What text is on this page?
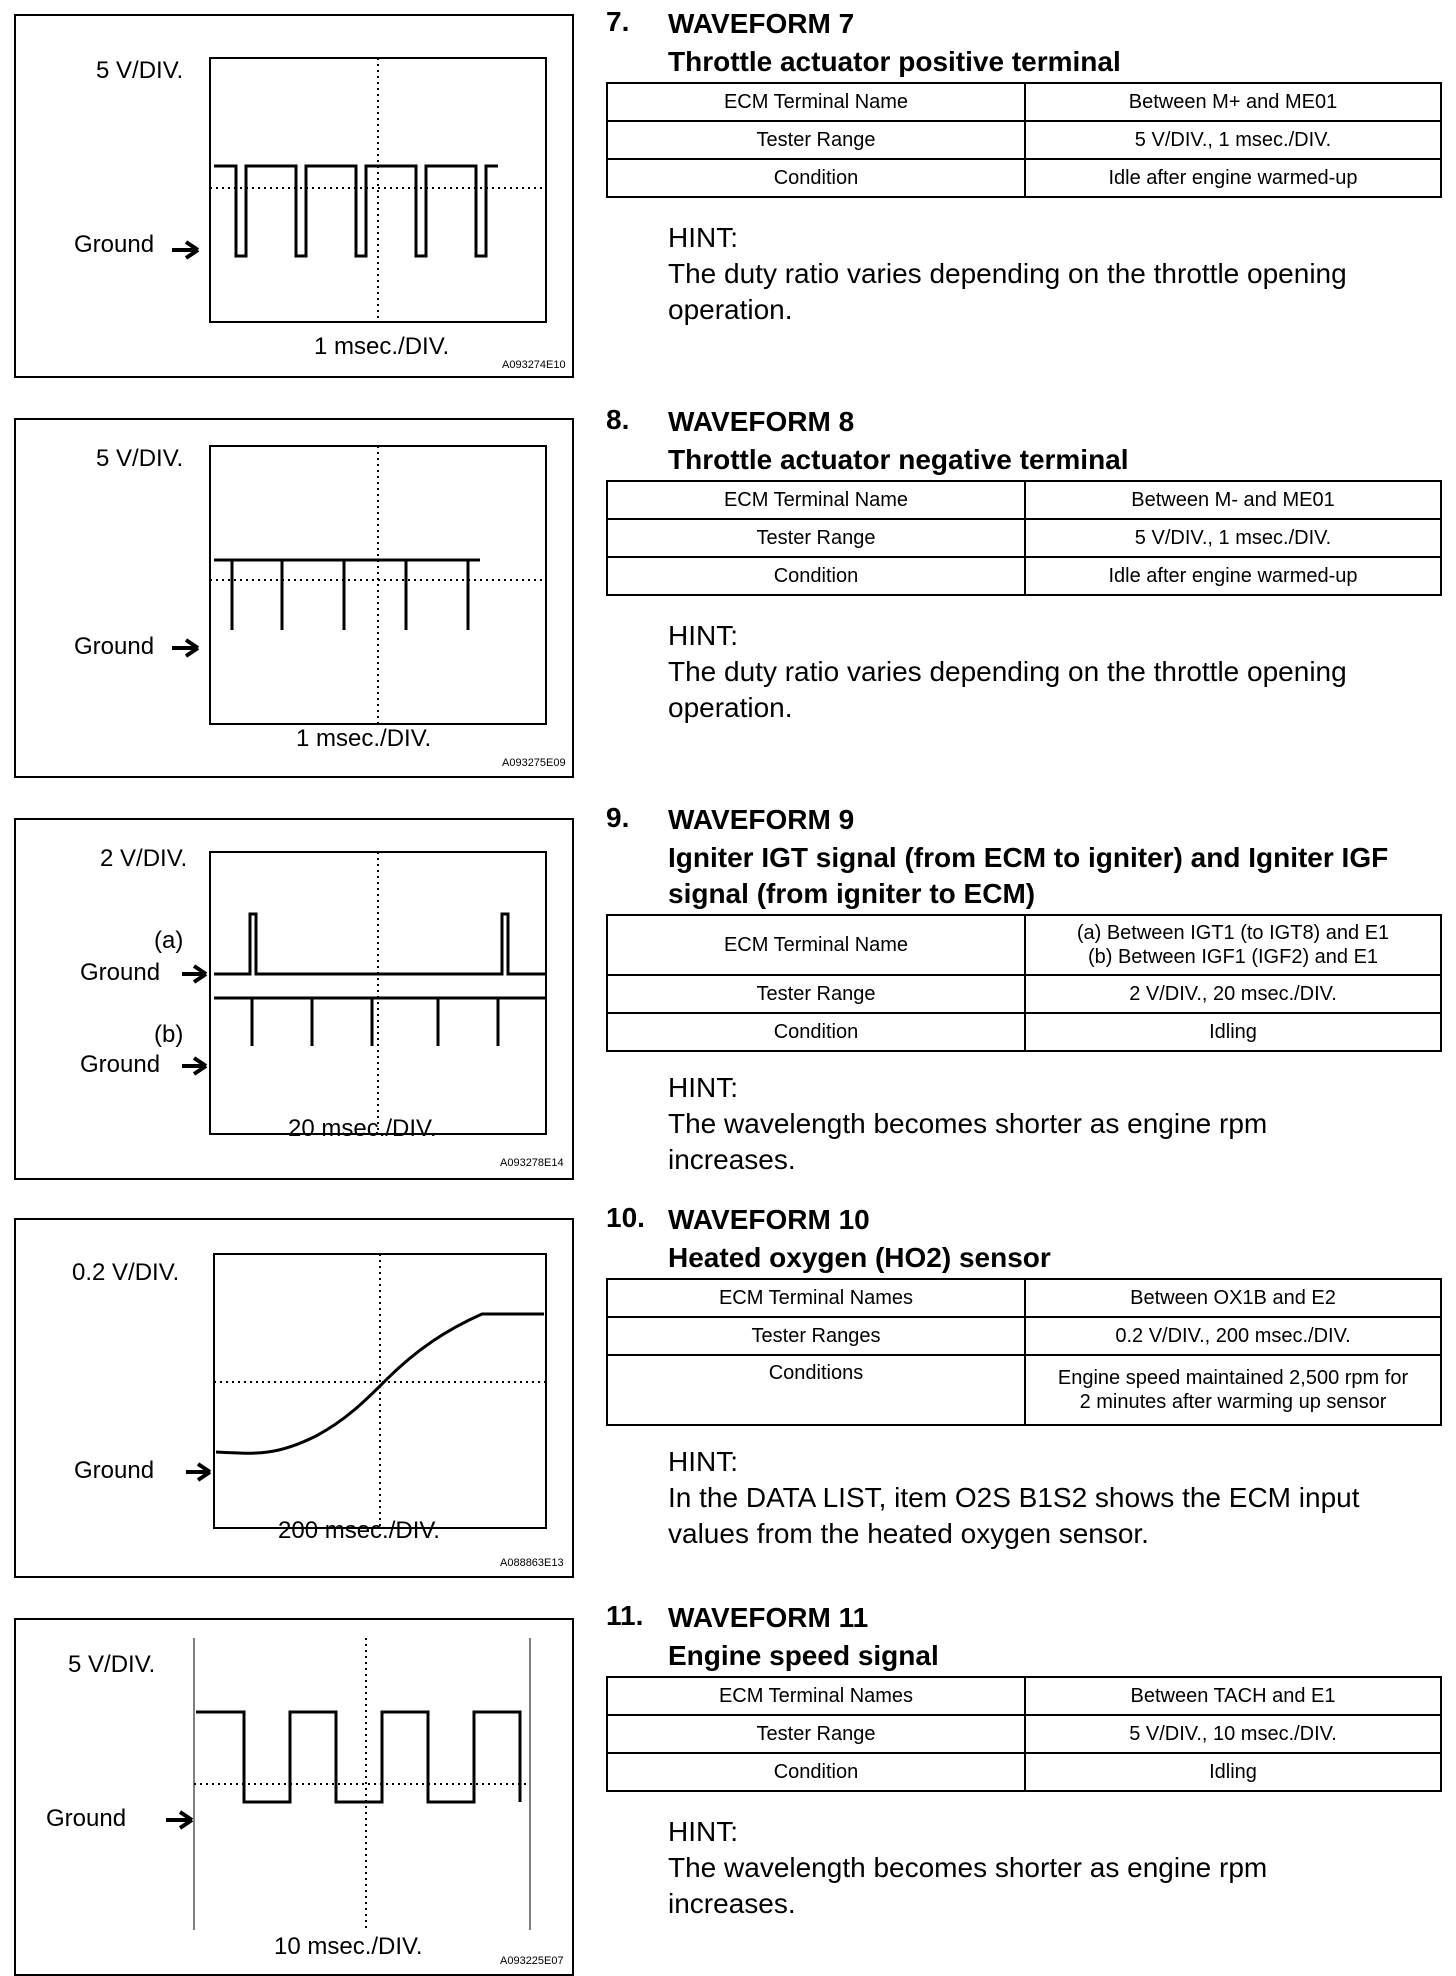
5 V/DIV.
Ground
1 msec./DIV.
A093274E10
5 V/DIV.
Ground
1 msec./DIV.
A093275E09
2 V/DIV.
(a)
Ground
(b)
Ground
20 msec./DIV.
A093278E14
0.2 V/DIV.
Ground
200 msec./DIV.
A088863E13
5 V/DIV.
Ground
10 msec./DIV.
A093225E07
7. WAVEFORM 7
Throttle actuator positive terminal
ECM Terminal Name	Between M+ and ME01
Tester Range	5 V/DIV., 1 msec./DIV.
Condition	Idle after engine warmed-up
HINT:
The duty ratio varies depending on the throttle opening operation.
8. WAVEFORM 8
Throttle actuator negative terminal
ECM Terminal Name	Between M- and ME01
Tester Range	5 V/DIV., 1 msec./DIV.
Condition	Idle after engine warmed-up
HINT:
The duty ratio varies depending on the throttle opening operation.
9. WAVEFORM 9
Igniter IGT signal (from ECM to igniter) and Igniter IGF signal (from igniter to ECM)
ECM Terminal Name	(a) Between IGT1 (to IGT8) and E1
(b) Between IGF1 (IGF2) and E1

Tester Range	2 V/DIV., 20 msec./DIV.
Condition	Idling
HINT:
The wavelength becomes shorter as engine rpm increases.
10. WAVEFORM 10
Heated oxygen (HO2) sensor
ECM Terminal Names	Between OX1B and E2
Tester Ranges	0.2 V/DIV., 200 msec./DIV.
Conditions	Engine speed maintained 2,500 rpm for
2 minutes after warming up sensor
HINT:
In the DATA LIST, item O2S B1S2 shows the ECM input values from the heated oxygen sensor.
11. WAVEFORM 11
Engine speed signal
ECM Terminal Names	Between TACH and E1
Tester Range	5 V/DIV., 10 msec./DIV.
Condition	Idling
HINT:
The wavelength becomes shorter as engine rpm increases.
